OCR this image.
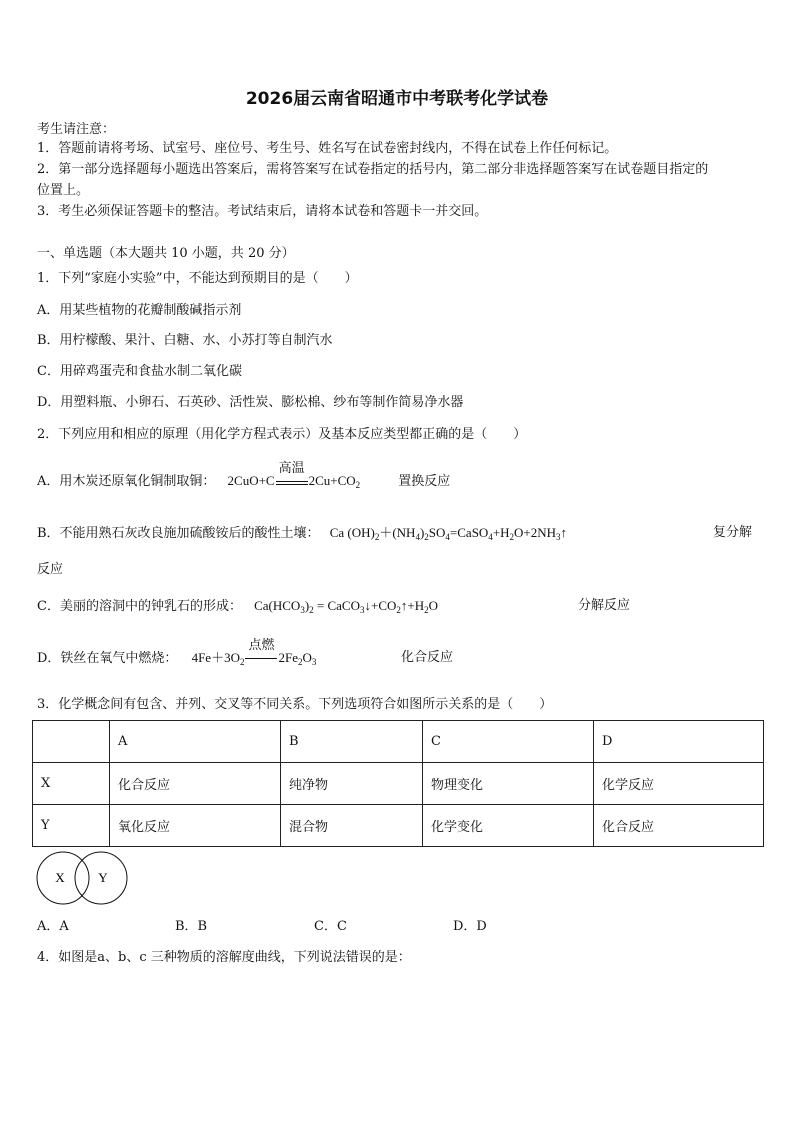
2026届云南省昭通市中考联考化学试卷
考生请注意：
1．答题前请将考场、试室号、座位号、考生号、姓名写在试卷密封线内，不得在试卷上作任何标记。
2．第一部分选择题每小题选出答案后，需将答案写在试卷指定的括号内，第二部分非选择题答案写在试卷题目指定的
位置上。
3．考生必须保证答题卡的整洁。考试结束后，请将本试卷和答题卡一并交回。
一、单选题（本大题共 10 小题，共 20 分）
1．下列“家庭小实验”中，不能达到预期目的是（　　）
A．用某些植物的花瓣制酸碱指示剂
B．用柠檬酸、果汁、白糖、水、小苏打等自制汽水
C．用碎鸡蛋壳和食盐水制二氧化碳
D．用塑料瓶、小卵石、石英砂、活性炭、膨松棉、纱布等制作简易净水器
2．下列应用和相应的原理（用化学方程式表示）及基本反应类型都正确的是（　　）
A．用木炭还原氧化铜制取铜： 2CuO+C
高温
$2Cu+CO_2$	置换反应
B．不能用熟石灰改良施加硫酸铵后的酸性土壤： Ca $(OH)_2+(NH_4)_2SO_4=CaSO_4+H_2O+2NH_3↑$	复分解
反应
C．美丽的溶洞中的钟乳石的形成： $Ca(HCO_3)_2$ = $CaCO_3↓+CO_2↑+H_2O$	分解反应
D．铁丝在氧气中燃烧： $4Fe+3O_2$
点燃
$2Fe_2O_3$	化合反应
3．化学概念间有包含、并列、交叉等不同关系。下列选项符合如图所示关系的是（　　）
	A	B	C	D
X	化合反应	纯净物	物理变化	化学反应
Y	氧化反应	混合物	化学变化	化合反应
X	Y
A．A	B．B	C．C	D．D
4．如图是a、b、c 三种物质的溶解度曲线，下列说法错误的是：
